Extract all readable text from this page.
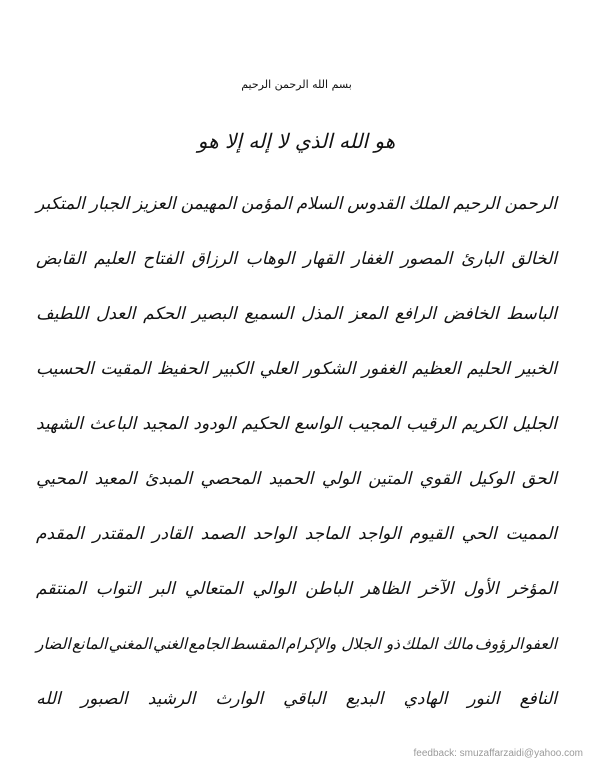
بسم الله الرحمن الرحيم
هو الله الذي لا إله إلا هو
الرحمن
الرحيم
الملك
القدوس
السلام
المؤمن
المهيمن
العزيز
الجبار
المتكبر
الخالق
البارئ
المصور
الغفار
القهار
الوهاب
الرزاق
الفتاح
العليم
القابض
الباسط
الخافض
الرافع
المعز
المذل
السميع
البصير
الحكم
العدل
اللطيف
الخبير
الحليم
العظيم
الغفور
الشكور
العلي
الكبير
الحفيظ
المقيت
الحسيب
الجليل
الكريم
الرقيب
المجيب
الواسع
الحكيم
الودود
المجيد
الباعث
الشهيد
الحق
الوكيل
القوي
المتين
الولي
الحميد
المحصي
المبدئ
المعيد
المحيي
المميت
الحي
القيوم
الواجد
الماجد
الواحد
الصمد
القادر
المقتدر
المقدم
المؤخر
الأول
الآخر
الظاهر
الباطن
الوالي
المتعالي
البر
التواب
المنتقم
العفو
الرؤوف
مالك الملك
ذو الجلال والإكرام
المقسط
الجامع
الغني
المغني
المانع
الضار
النافع
النور
الهادي
البديع
الباقي
الوارث
الرشيد
الصبور
الله
feedback: smuzaffarzaidi@yahoo.com
